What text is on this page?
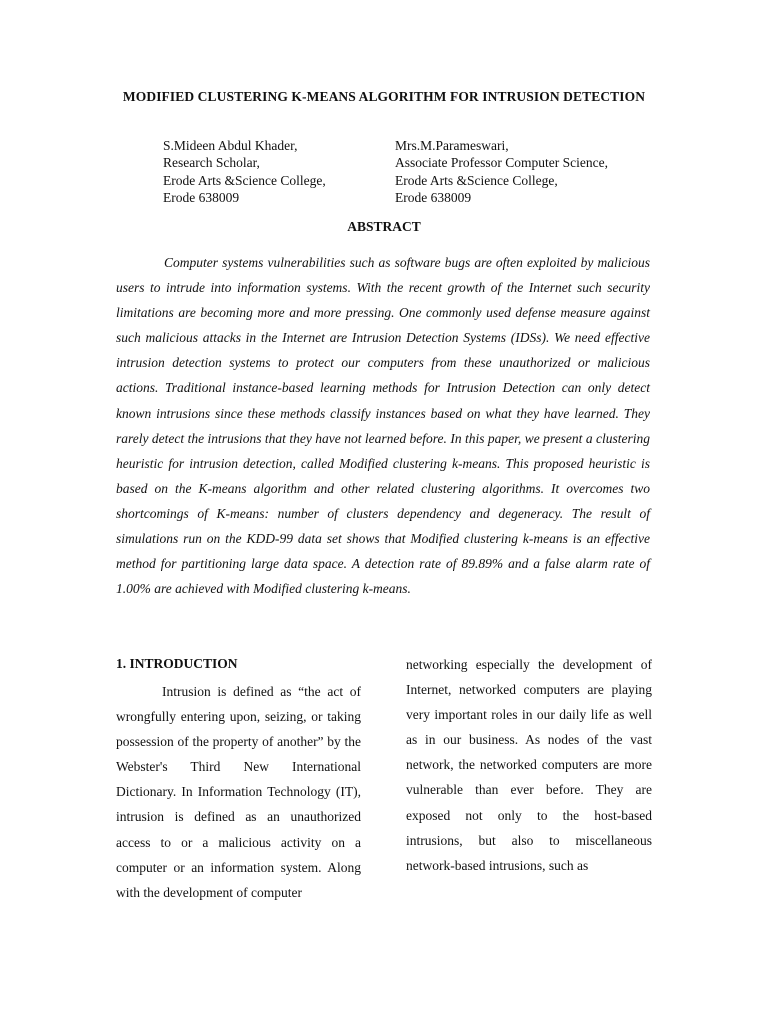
MODIFIED CLUSTERING K-MEANS ALGORITHM FOR INTRUSION DETECTION
S.Mideen Abdul Khader,
Research Scholar,
Erode Arts &Science College,
Erode 638009
Mrs.M.Parameswari,
Associate Professor Computer Science,
Erode Arts &Science College,
Erode 638009
ABSTRACT

Computer systems vulnerabilities such as software bugs are often exploited by malicious users to intrude into information systems. With the recent growth of the Internet such security limitations are becoming more and more pressing. One commonly used defense measure against such malicious attacks in the Internet are Intrusion Detection Systems (IDSs). We need effective intrusion detection systems to protect our computers from these unauthorized or malicious actions. Traditional instance-based learning methods for Intrusion Detection can only detect known intrusions since these methods classify instances based on what they have learned. They rarely detect the intrusions that they have not learned before. In this paper, we present a clustering heuristic for intrusion detection, called Modified clustering k-means. This proposed heuristic is based on the K-means algorithm and other related clustering algorithms. It overcomes two shortcomings of K-means: number of clusters dependency and degeneracy. The result of simulations run on the KDD-99 data set shows that Modified clustering k-means is an effective method for partitioning large data space. A detection rate of 89.89% and a false alarm rate of 1.00% are achieved with Modified clustering k-means.

1. INTRODUCTION

Intrusion is defined as “the act of wrongfully entering upon, seizing, or taking possession of the property of another” by the Webster's Third New International Dictionary. In Information Technology (IT), intrusion is defined as an unauthorized access to or a malicious activity on a computer or an information system. Along with the development of computer

networking especially the development of Internet, networked computers are playing very important roles in our daily life as well as in our business. As nodes of the vast network, the networked computers are more vulnerable than ever before. They are exposed not only to the host-based intrusions, but also to miscellaneous network-based intrusions, such as
